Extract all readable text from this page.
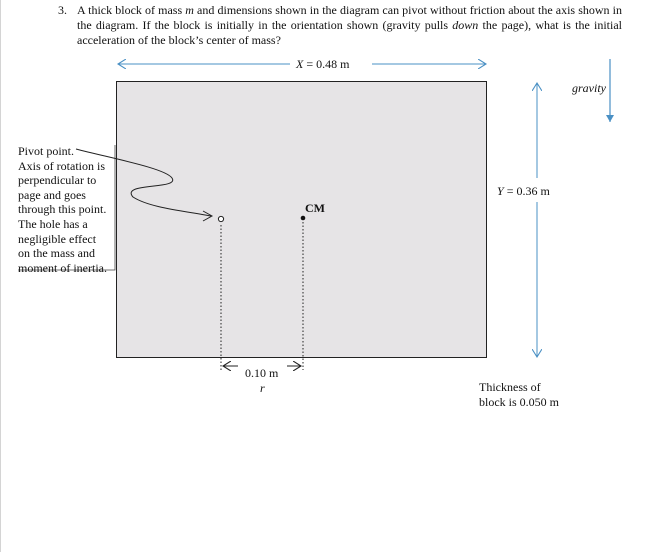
3. A thick block of mass m and dimensions shown in the diagram can pivot without friction about the axis shown in the diagram. If the block is initially in the orientation shown (gravity pulls down the page), what is the initial acceleration of the block’s center of mass?
X = 0.48 m
Y = 0.36 m
gravity
CM
0.10 m
r
Pivot point.
Axis of rotation is
perpendicular to
page and goes
through this point.
The hole has a
negligible effect
on the mass and
moment of inertia.
Thickness of
block is 0.050 m
